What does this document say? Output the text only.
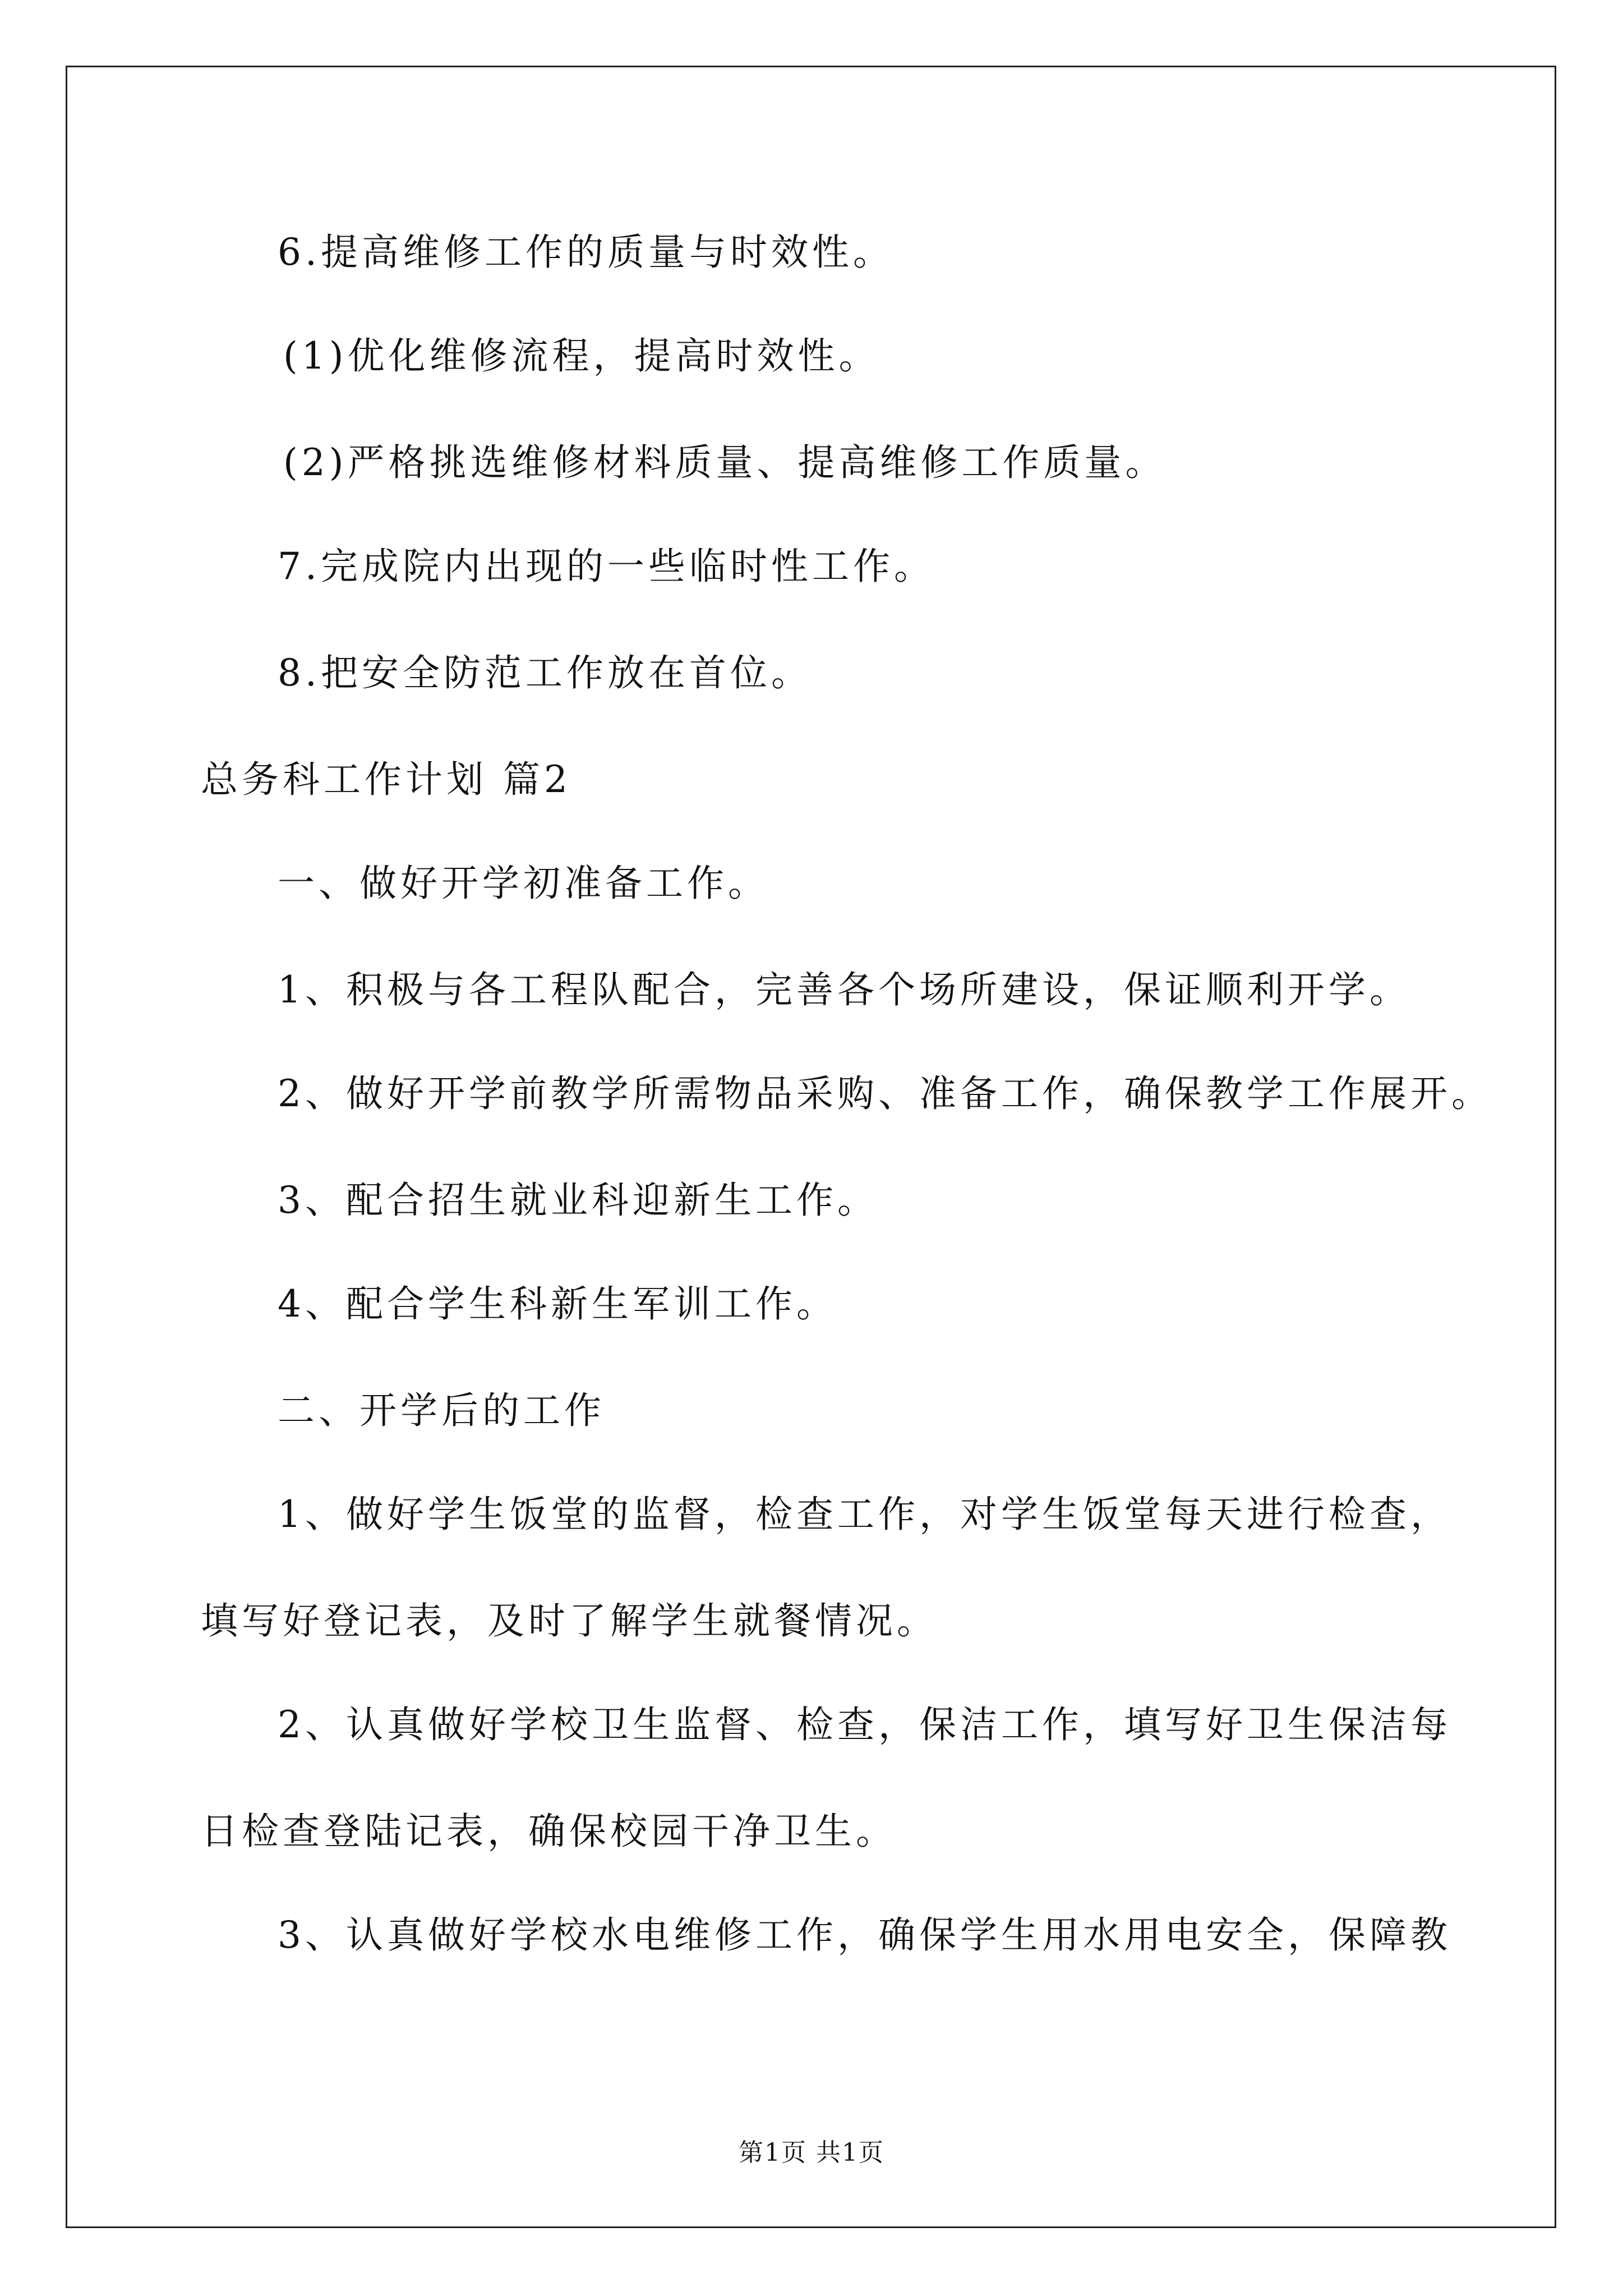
6.提高维修工作的质量与时效性。
(1)优化维修流程，提高时效性。
(2)严格挑选维修材料质量、提高维修工作质量。
7.完成院内出现的一些临时性工作。
8.把安全防范工作放在首位。
总务科工作计划 篇2
一、做好开学初准备工作。
1、积极与各工程队配合，完善各个场所建设，保证顺利开学。
2、做好开学前教学所需物品采购、准备工作，确保教学工作展开。
3、配合招生就业科迎新生工作。
4、配合学生科新生军训工作。
二、开学后的工作
1、做好学生饭堂的监督，检查工作，对学生饭堂每天进行检查，
填写好登记表，及时了解学生就餐情况。
2、认真做好学校卫生监督、检查，保洁工作，填写好卫生保洁每
日检查登陆记表，确保校园干净卫生。
3、认真做好学校水电维修工作，确保学生用水用电安全，保障教
第1页 共1页
